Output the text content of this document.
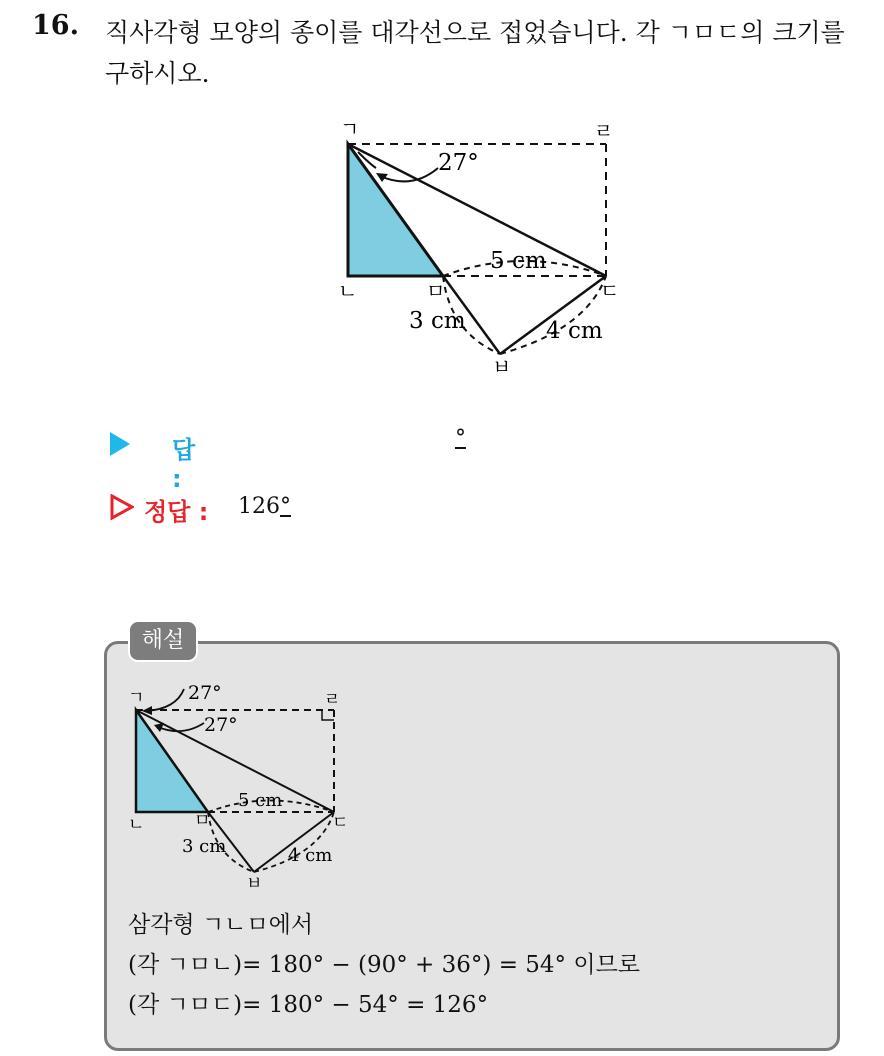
16. 직사각형 모양의 종이를 대각선으로 접었습니다. 각 ㄱㅁㄷ의 크기를 구하시오.
ㄱ	ㄹ
ㄴ	ㅁ	ㄷ
ㅂ
27°
5 cm
3 cm	4 cm
답 :
°
정답 : 126°
해설
ㄱ	ㄹ
ㄴ	ㅁ	ㄷ
ㅂ
27°
27°
5 cm
3 cm	4 cm
삼각형 ㄱㄴㅁ에서
(각 ㄱㅁㄴ)= 180° − (90° + 36°) = 54° 이므로
(각 ㄱㅁㄷ)= 180° − 54° = 126°
